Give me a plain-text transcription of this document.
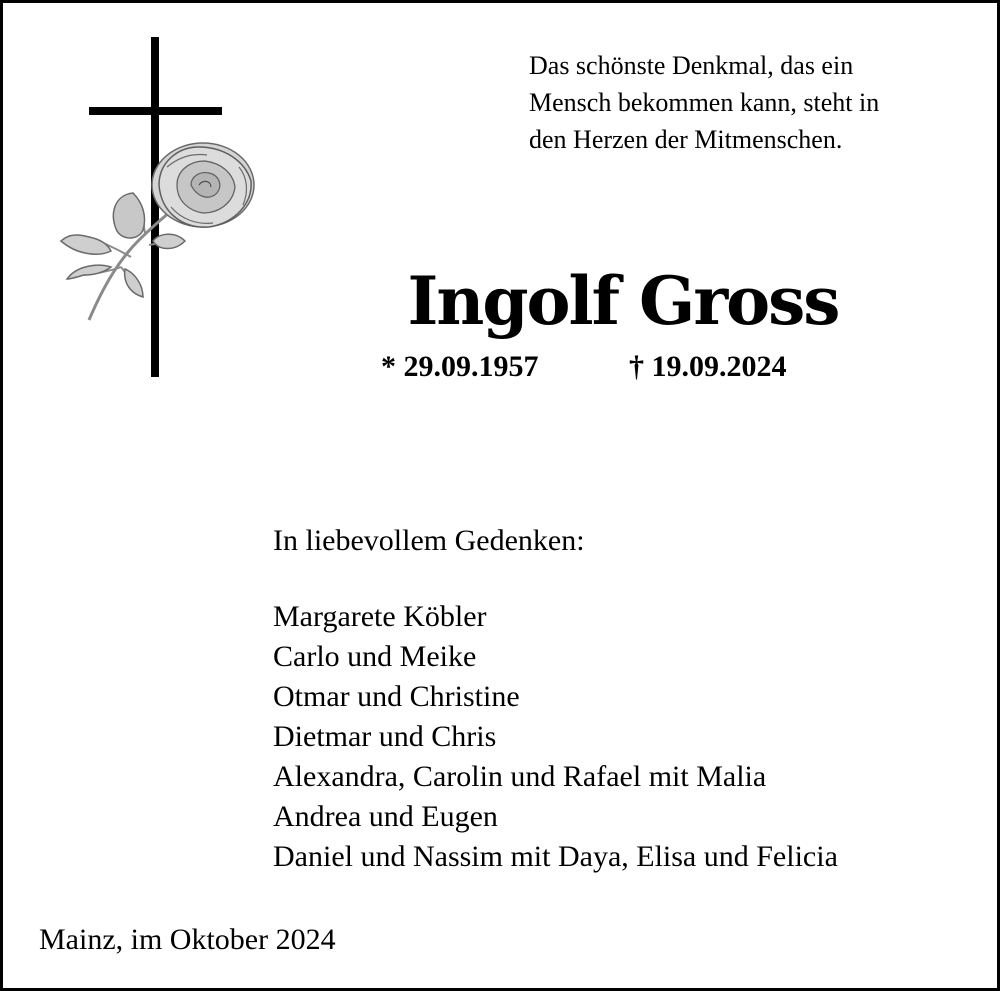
Das schönste Denkmal, das ein
Mensch bekommen kann, steht in
den Herzen der Mitmenschen.

Ingolf Gross
* 29.09.1957	† 19.09.2024

In liebevollem Gedenken:

Margarete Köbler
Carlo und Meike
Otmar und Christine
Dietmar und Chris
Alexandra, Carolin und Rafael mit Malia
Andrea und Eugen
Daniel und Nassim mit Daya, Elisa und Felicia

Mainz, im Oktober 2024
